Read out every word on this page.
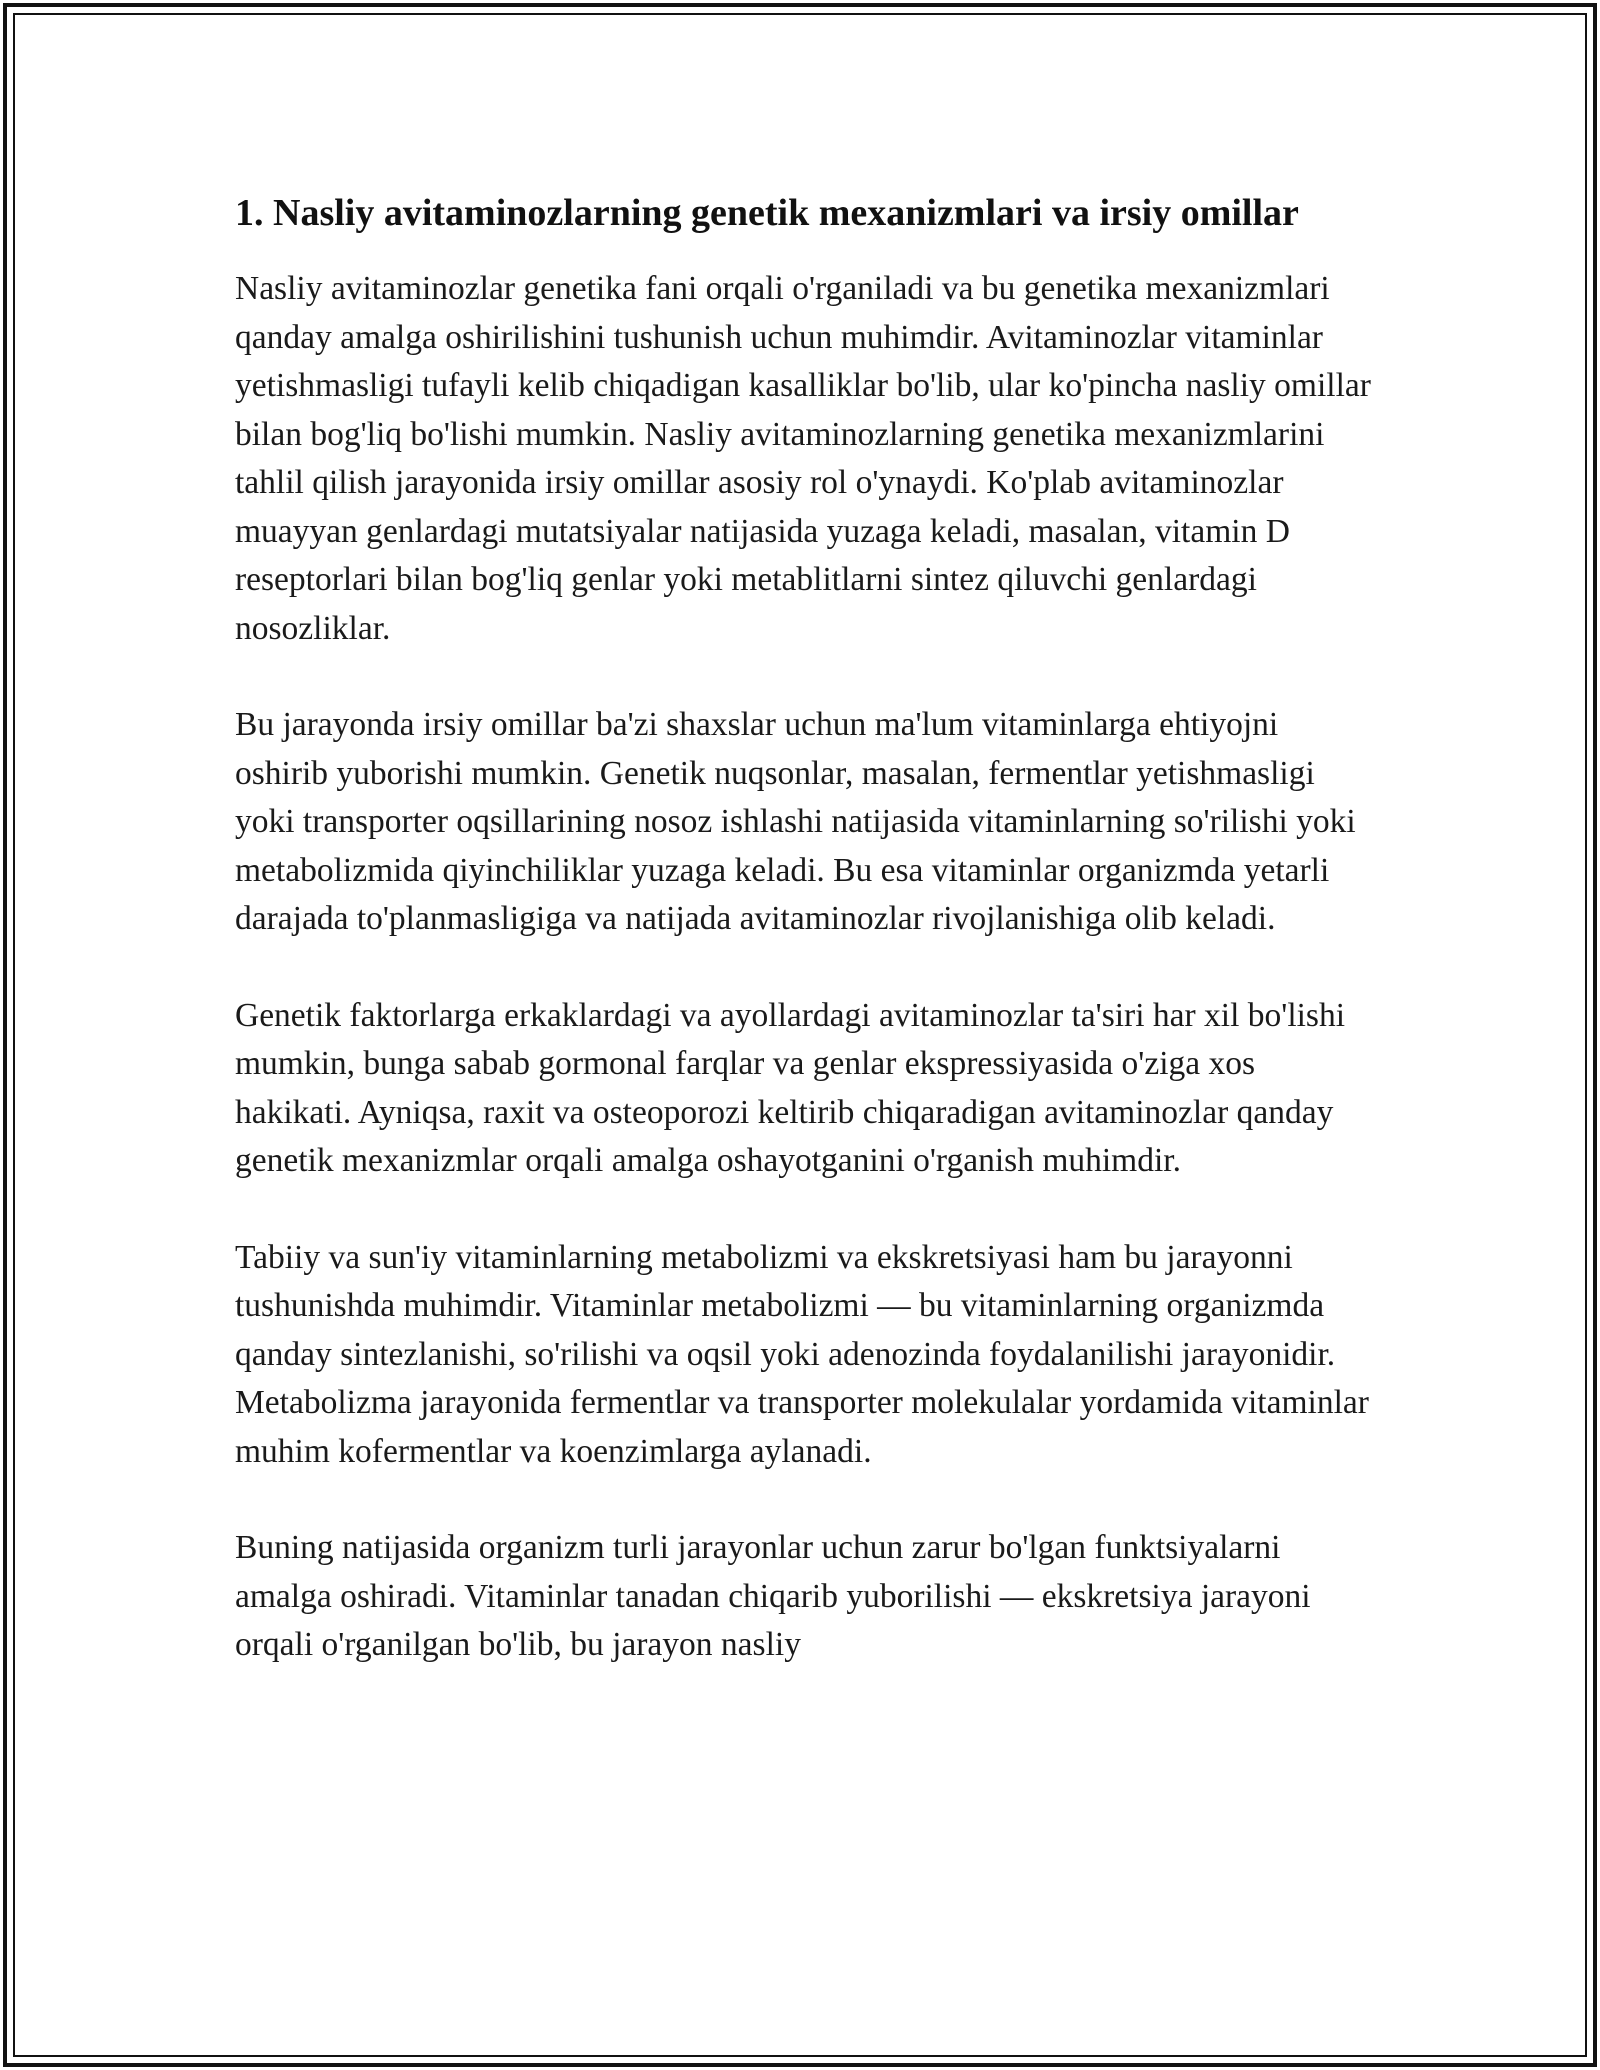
1. Nasliy avitaminozlarning genetik mexanizmlari va irsiy omillar

Nasliy avitaminozlar genetika fani orqali o'rganiladi va bu genetika mexanizmlari qanday amalga oshirilishini tushunish uchun muhimdir. Avitaminozlar vitaminlar yetishmasligi tufayli kelib chiqadigan kasalliklar bo'lib, ular ko'pincha nasliy omillar bilan bog'liq bo'lishi mumkin. Nasliy avitaminozlarning genetika mexanizmlarini tahlil qilish jarayonida irsiy omillar asosiy rol o'ynaydi. Ko'plab avitaminozlar muayyan genlardagi mutatsiyalar natijasida yuzaga keladi, masalan, vitamin D reseptorlari bilan bog'liq genlar yoki metablitlarni sintez qiluvchi genlardagi nosozliklar.

Bu jarayonda irsiy omillar ba'zi shaxslar uchun ma'lum vitaminlarga ehtiyojni oshirib yuborishi mumkin. Genetik nuqsonlar, masalan, fermentlar yetishmasligi yoki transporter oqsillarining nosoz ishlashi natijasida vitaminlarning so'rilishi yoki metabolizmida qiyinchiliklar yuzaga keladi. Bu esa vitaminlar organizmda yetarli darajada to'planmasligiga va natijada avitaminozlar rivojlanishiga olib keladi.

Genetik faktorlarga erkaklardagi va ayollardagi avitaminozlar ta'siri har xil bo'lishi mumkin, bunga sabab gormonal farqlar va genlar ekspressiyasida o'ziga xos hakikati. Ayniqsa, raxit va osteoporozi keltirib chiqaradigan avitaminozlar qanday genetik mexanizmlar orqali amalga oshayotganini o'rganish muhimdir.

Tabiiy va sun'iy vitaminlarning metabolizmi va ekskretsiyasi ham bu jarayonni tushunishda muhimdir. Vitaminlar metabolizmi — bu vitaminlarning organizmda qanday sintezlanishi, so'rilishi va oqsil yoki adenozinda foydalanilishi jarayonidir. Metabolizma jarayonida fermentlar va transporter molekulalar yordamida vitaminlar muhim kofermentlar va koenzimlarga aylanadi.

Buning natijasida organizm turli jarayonlar uchun zarur bo'lgan funktsiyalarni amalga oshiradi. Vitaminlar tanadan chiqarib yuborilishi — ekskretsiya jarayoni orqali o'rganilgan bo'lib, bu jarayon nasliy
